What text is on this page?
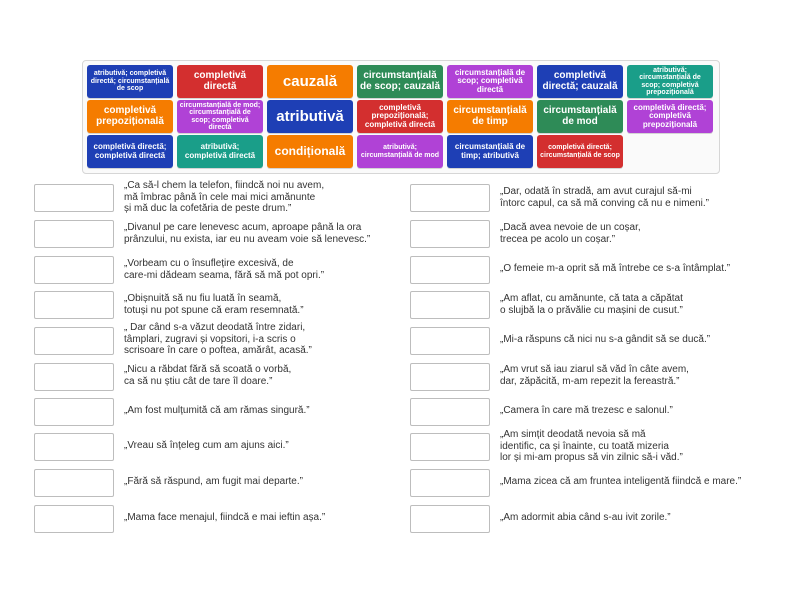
atributivă; completivă directă; circumstanțială de scop
completivă directă	cauzală	circumstanțială de scop; cauzală
circumstanțială de scop; completivă directă
completivă directă; cauzală
atributivă; circumstanțială de scop; completivă prepozițională
completivă prepozițională
circumstanțială de mod; circumstanțială de scop; completivă directă
atributivă
completivă prepozițională; completivă directă
circumstanțială de timp
circumstanțială de mod
completivă directă; completivă prepozițională
completivă directă; completivă directă
atributivă; completivă directă	condițională	atributivă; circumstanțială de mod
circumstanțială de timp; atributivă
completivă directă; circumstanțială de scop
„Ca să-l chem la telefon, fiindcă noi nu avem,
mă îmbrac până în cele mai mici amănunte
și mă duc la cofetăria de peste drum.”
„Divanul pe care lenevesc acum, aproape până la ora
prânzului, nu exista, iar eu nu aveam voie să lenevesc.”
„Vorbeam cu o însuflețire excesivă, de
care-mi dădeam seama, fără să mă pot opri.”
„Obișnuită să nu fiu luată în seamă,
totuși nu pot spune că eram resemnată.”
„ Dar când s-a văzut deodată între zidari,
tâmplari, zugravi și vopsitori, i-a scris o
scrisoare în care o poftea, amărât, acasă.”
„Nicu a răbdat fără să scoată o vorbă,
ca să nu știu cât de tare îl doare.”
„Am fost mulțumită că am rămas singură.”
„Vreau să înțeleg cum am ajuns aici.”
„Fără să răspund, am fugit mai departe.”
„Mama face menajul, fiindcă e mai ieftin așa.”
„Dar, odată în stradă, am avut curajul să-mi
întorc capul, ca să mă conving că nu e nimeni.”
„Dacă avea nevoie de un coșar,
trecea pe acolo un coșar.”
„O femeie m-a oprit să mă întrebe ce s-a întâmplat.”
„Am aflat, cu amănunte, că tata a căpătat
o slujbă la o prăvălie cu mașini de cusut.”
„Mi-a răspuns că nici nu s-a gândit să se ducă.”
„Am vrut să iau ziarul să văd în câte avem,
dar, zăpăcită, m-am repezit la fereastră.”
„Camera în care mă trezesc e salonul.”
„Am simțit deodată nevoia să mă
identific, ca și înainte, cu toată mizeria
lor și mi-am propus să vin zilnic să-i văd.”
„Mama zicea că am fruntea inteligentă fiindcă e mare.”
„Am adormit abia când s-au ivit zorile.”
